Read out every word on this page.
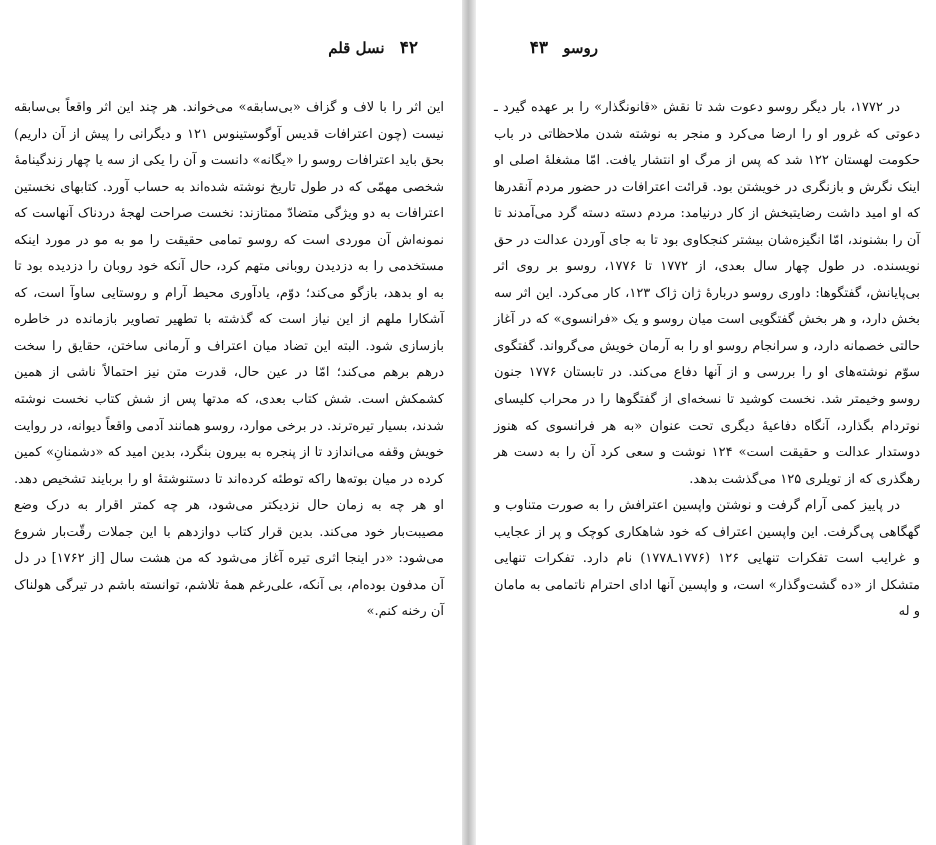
۴۲ نسل قلم

این اثر را با لاف و گزاف «بی‌سابقه» می‌خواند. هر چند این اثر واقعاً بی‌سابقه نیست (چون اعترافات قدیس آوگوستینوس ۱۲۱ و دیگرانی را پیش از آن داریم) بحق باید اعترافات روسو را «یگانه» دانست و آن را یکی از سه یا چهار زندگینامهٔ شخصی مهمّی که در طول تاریخ نوشته شده‌اند به حساب آورد. کتابهای نخستین اعترافات به دو ویژگی متضادّ ممتازند: نخست صراحت لهجهٔ دردناک آنهاست که نمونه‌اش آن موردی است که روسو تمامی حقیقت را مو به مو در مورد اینکه مستخدمی را به دزدیدن روبانی متهم کرد، حال آنکه خود روبان را دزدیده بود تا به او بدهد، بازگو می‌کند؛ دوّم، یادآوری محیط آرام و روستایی ساوآ است، که آشکارا ملهم از این نیاز است که گذشته با تطهیر تصاویر بازمانده در خاطره بازسازی شود. البته این تضاد میان اعتراف و آرمانی ساختن، حقایق را سخت درهم برهم می‌کند؛ امّا در عین حال، قدرت متن نیز احتمالاً ناشی از همین کشمکش است. شش کتاب بعدی، که مدتها پس از شش کتاب نخست نوشته شدند، بسیار تیره‌ترند. در برخی موارد، روسو همانند آدمی واقعاً دیوانه، در روایت خویش وقفه می‌اندازد تا از پنجره به بیرون بنگرد، بدین امید که «دشمنانِ» کمین کرده در میان بوته‌ها راکه توطئه کرده‌اند تا دستنوشتهٔ او را بربایند تشخیص دهد. او هر چه به زمان حال نزدیکتر می‌شود، هر چه کمتر اقرار به درک وضع مصیبت‌بار خود می‌کند. بدین قرار کتاب دوازدهم با این جملات رقّت‌بار شروع می‌شود: «در اینجا اثری تیره آغاز می‌شود که من هشت سال [از ۱۷۶۲] در دل آن مدفون بوده‌ام، بی آنکه، علی‌رغم همهٔ تلاشم، توانسته باشم در تیرگی هولناک آن رخنه کنم.»

روسو ۴۳

در ۱۷۷۲، بار دیگر روسو دعوت شد تا نقش «قانونگذار» را بر عهده گیرد ـ دعوتی که غرور او را ارضا می‌کرد و منجر به نوشته شدن ملاحظاتی در باب حکومت لهستان ۱۲۲ شد که پس از مرگ او انتشار یافت. امّا مشغلهٔ اصلی او اینک نگرش و بازنگری در خویشتن بود. قرائت اعترافات در حضور مردم آنقدرها که او امید داشت رضایتبخش از کار درنیامد: مردم دسته دسته گرد می‌آمدند تا آن را بشنوند، امّا انگیزه‌شان بیشتر کنجکاوی بود تا به جای آوردن عدالت در حق نویسنده. در طول چهار سال بعدی، از ۱۷۷۲ تا ۱۷۷۶، روسو بر روی اثر بی‌پایانش، گفتگوها: داوری روسو دربارهٔ ژان ژاک ۱۲۳، کار می‌کرد. این اثر سه بخش دارد، و هر بخش گفتگویی است میان روسو و یک «فرانسوی» که در آغاز حالتی خصمانه دارد، و سرانجام روسو او را به آرمان خویش می‌گرواند. گفتگوی سوّم نوشته‌های او را بررسی و از آنها دفاع می‌کند. در تابستان ۱۷۷۶ جنون روسو وخیمتر شد. نخست کوشید تا نسخه‌ای از گفتگوها را در محراب کلیسای نوتردام بگذارد، آنگاه دفاعیهٔ دیگری تحت عنوان «به هر فرانسوی که هنوز دوستدار عدالت و حقیقت است» ۱۲۴ نوشت و سعی کرد آن را به دست هر رهگذری که از تویلری ۱۲۵ می‌گذشت بدهد.

در پاییز کمی آرام گرفت و نوشتن واپسین اعترافش را به صورت متناوب و گهگاهی پی‌گرفت. این واپسین اعتراف که خود شاهکاری کوچک و پر از عجایب و غرایب است تفکرات تنهایی ۱۲۶ (۱۷۷۶ـ۱۷۷۸) نام دارد. تفکرات تنهایی متشکل از «ده گشت‌وگذار» است، و واپسین آنها ادای احترام ناتمامی به مامان و له
